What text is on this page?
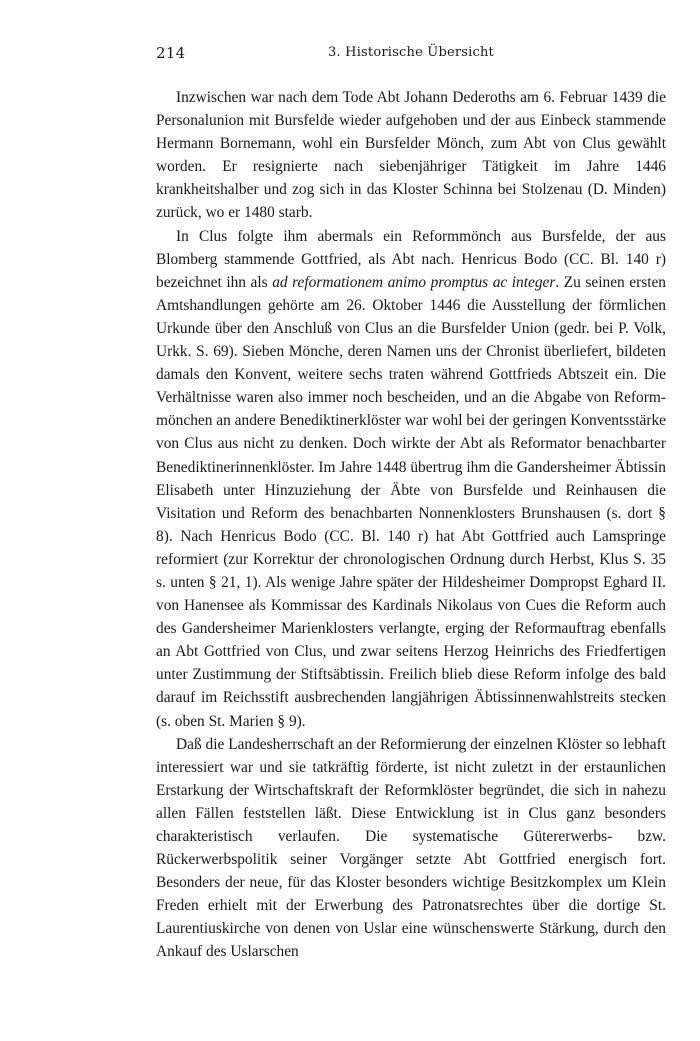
214	3. Historische Übersicht

Inzwischen war nach dem Tode Abt Johann Dederoths am 6. Februar 1439 die Personalunion mit Bursfelde wieder aufgehoben und der aus Einbeck stammende Hermann Bornemann, wohl ein Bursfelder Mönch, zum Abt von Clus gewählt worden. Er resignierte nach siebenjähriger Tätigkeit im Jahre 1446 krankheitshalber und zog sich in das Kloster Schinna bei Stolzenau (D. Minden) zurück, wo er 1480 starb.

In Clus folgte ihm abermals ein Reformmönch aus Bursfelde, der aus Blomberg stammende Gottfried, als Abt nach. Henricus Bodo (CC. Bl. 140 r) bezeichnet ihn als ad reformationem animo promptus ac integer. Zu seinen ersten Amtshandlungen gehörte am 26. Oktober 1446 die Ausstellung der förmlichen Urkunde über den Anschluß von Clus an die Bursfelder Union (gedr. bei P. Volk, Urkk. S. 69). Sieben Mönche, deren Namen uns der Chronist überliefert, bildeten damals den Konvent, weitere sechs traten während Gottfrieds Abtszeit ein. Die Verhältnisse waren also immer noch bescheiden, und an die Abgabe von Reformmönchen an andere Benediktinerklöster war wohl bei der geringen Konventsstärke von Clus aus nicht zu denken. Doch wirkte der Abt als Reformator benachbarter Benediktinerinnenklöster. Im Jahre 1448 übertrug ihm die Gandersheimer Äbtissin Elisabeth unter Hinzuziehung der Äbte von Bursfelde und Reinhausen die Visitation und Reform des benachbarten Nonnenklosters Brunshausen (s. dort § 8). Nach Henricus Bodo (CC. Bl. 140 r) hat Abt Gottfried auch Lamspringe reformiert (zur Korrektur der chronologischen Ordnung durch Herbst, Klus S. 35 s. unten § 21, 1). Als wenige Jahre später der Hildesheimer Dompropst Eghard II. von Hanensee als Kommissar des Kardinals Nikolaus von Cues die Reform auch des Gandersheimer Marienklosters verlangte, erging der Reformauftrag ebenfalls an Abt Gottfried von Clus, und zwar seitens Herzog Heinrichs des Friedfertigen unter Zustimmung der Stiftsäbtissin. Freilich blieb diese Reform infolge des bald darauf im Reichsstift ausbrechenden langjährigen Äbtissinnenwahlstreits stecken (s. oben St. Marien § 9).

Daß die Landesherrschaft an der Reformierung der einzelnen Klöster so lebhaft interessiert war und sie tatkräftig förderte, ist nicht zuletzt in der erstaunlichen Erstarkung der Wirtschaftskraft der Reformklöster begründet, die sich in nahezu allen Fällen feststellen läßt. Diese Entwicklung ist in Clus ganz besonders charakteristisch verlaufen. Die systematische Gütererwerbs- bzw. Rückerwerbspolitik seiner Vorgänger setzte Abt Gottfried energisch fort. Besonders der neue, für das Kloster besonders wichtige Besitzkomplex um Klein Freden erhielt mit der Erwerbung des Patronatsrechtes über die dortige St. Laurentiuskirche von denen von Uslar eine wünschenswerte Stärkung, durch den Ankauf des Uslarschen
